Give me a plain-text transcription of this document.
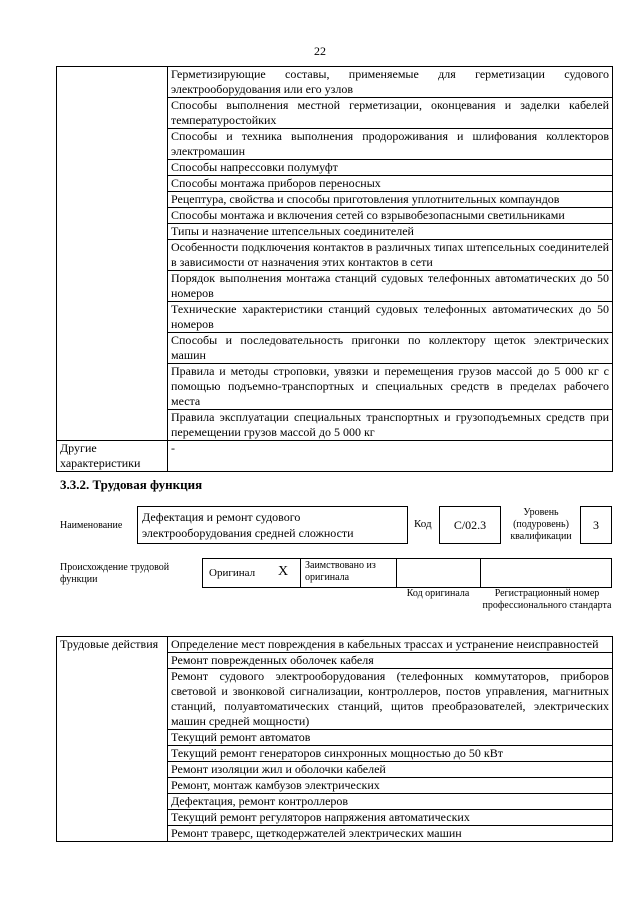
22
	Герметизирующие составы, применяемые для герметизации судового электрооборудования или его узлов
	Способы выполнения местной герметизации, оконцевания и заделки кабелей температуростойких
	Способы и техника выполнения продороживания и шлифования коллекторов электромашин
	Способы напрессовки полумуфт
	Способы монтажа приборов переносных
	Рецептура, свойства и способы приготовления уплотнительных компаундов
	Способы монтажа и включения сетей со взрывобезопасными светильниками
	Типы и назначение штепсельных соединителей
	Особенности подключения контактов в различных типах штепсельных соединителей в зависимости от назначения этих контактов в сети
	Порядок выполнения монтажа станций судовых телефонных автоматических до 50 номеров
	Технические характеристики станций судовых телефонных автоматических до 50 номеров
	Способы и последовательность пригонки по коллектору щеток электрических машин
	Правила и методы строповки, увязки и перемещения грузов массой до 5 000 кг с помощью подъемно-транспортных и специальных средств в пределах рабочего места
	Правила эксплуатации специальных транспортных и грузоподъемных средств при перемещении грузов массой до 5 000 кг
Другие характеристики	-
3.3.2. Трудовая функция
Наименование
Дефектация и ремонт судового электрооборудования средней сложности
Код	C/02.3
Уровень (подуровень) квалификации
3
Происхождение трудовой функции
Оригинал X Заимствовано из оригинала
Код оригинала	Регистрационный номер профессионального стандарта
Трудовые действия	Определение мест повреждения в кабельных трассах и устранение неисправностей
Ремонт поврежденных оболочек кабеля
Ремонт судового электрооборудования (телефонных коммутаторов, приборов световой и звонковой сигнализации, контроллеров, постов управления, магнитных станций, полуавтоматических станций, щитов преобразователей, электрических машин средней мощности)
Текущий ремонт автоматов
Текущий ремонт генераторов синхронных мощностью до 50 кВт
Ремонт изоляции жил и оболочки кабелей
Ремонт, монтаж камбузов электрических
Дефектация, ремонт контроллеров
Текущий ремонт регуляторов напряжения автоматических
Ремонт траверс, щеткодержателей электрических машин
